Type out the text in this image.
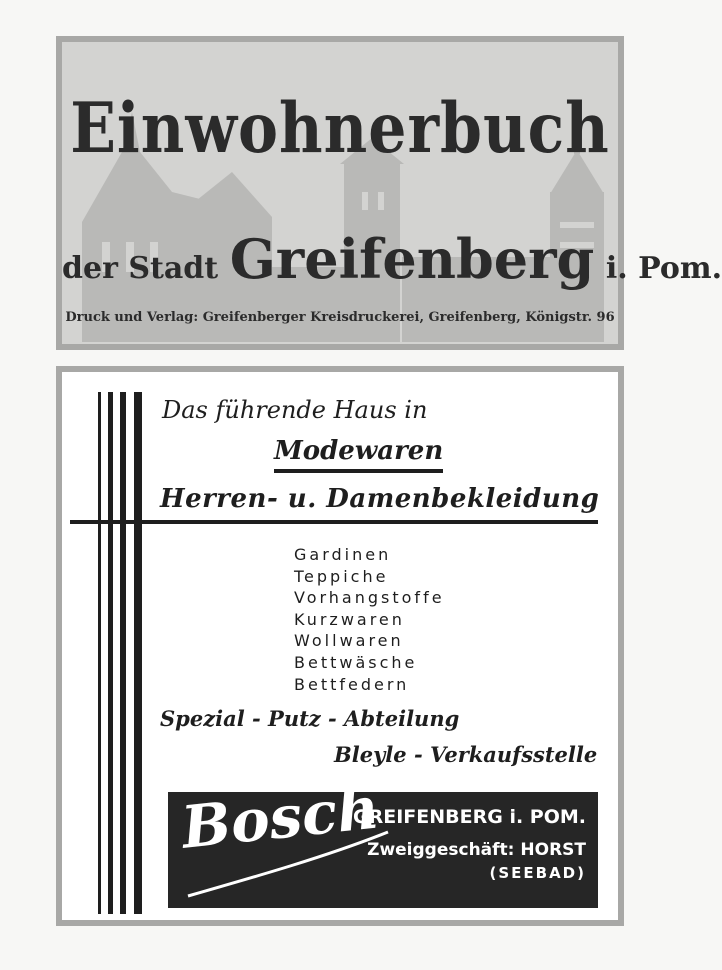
Einwohnerbuch
der Stadt Greifenberg i. Pom.
Druck und Verlag: Greifenberger Kreisdruckerei, Greifenberg, Königstr. 96
Das führende Haus in
Modewaren
Herren- u. Damenbekleidung
Gardinen
Teppiche
Vorhangstoffe
Kurzwaren
Wollwaren
Bettwäsche
Bettfedern
Spezial - Putz - Abteilung
Bleyle - Verkaufsstelle
Bosch
GREIFENBERG i. POM.
Zweiggeschäft: HORST
(SEEBAD)
